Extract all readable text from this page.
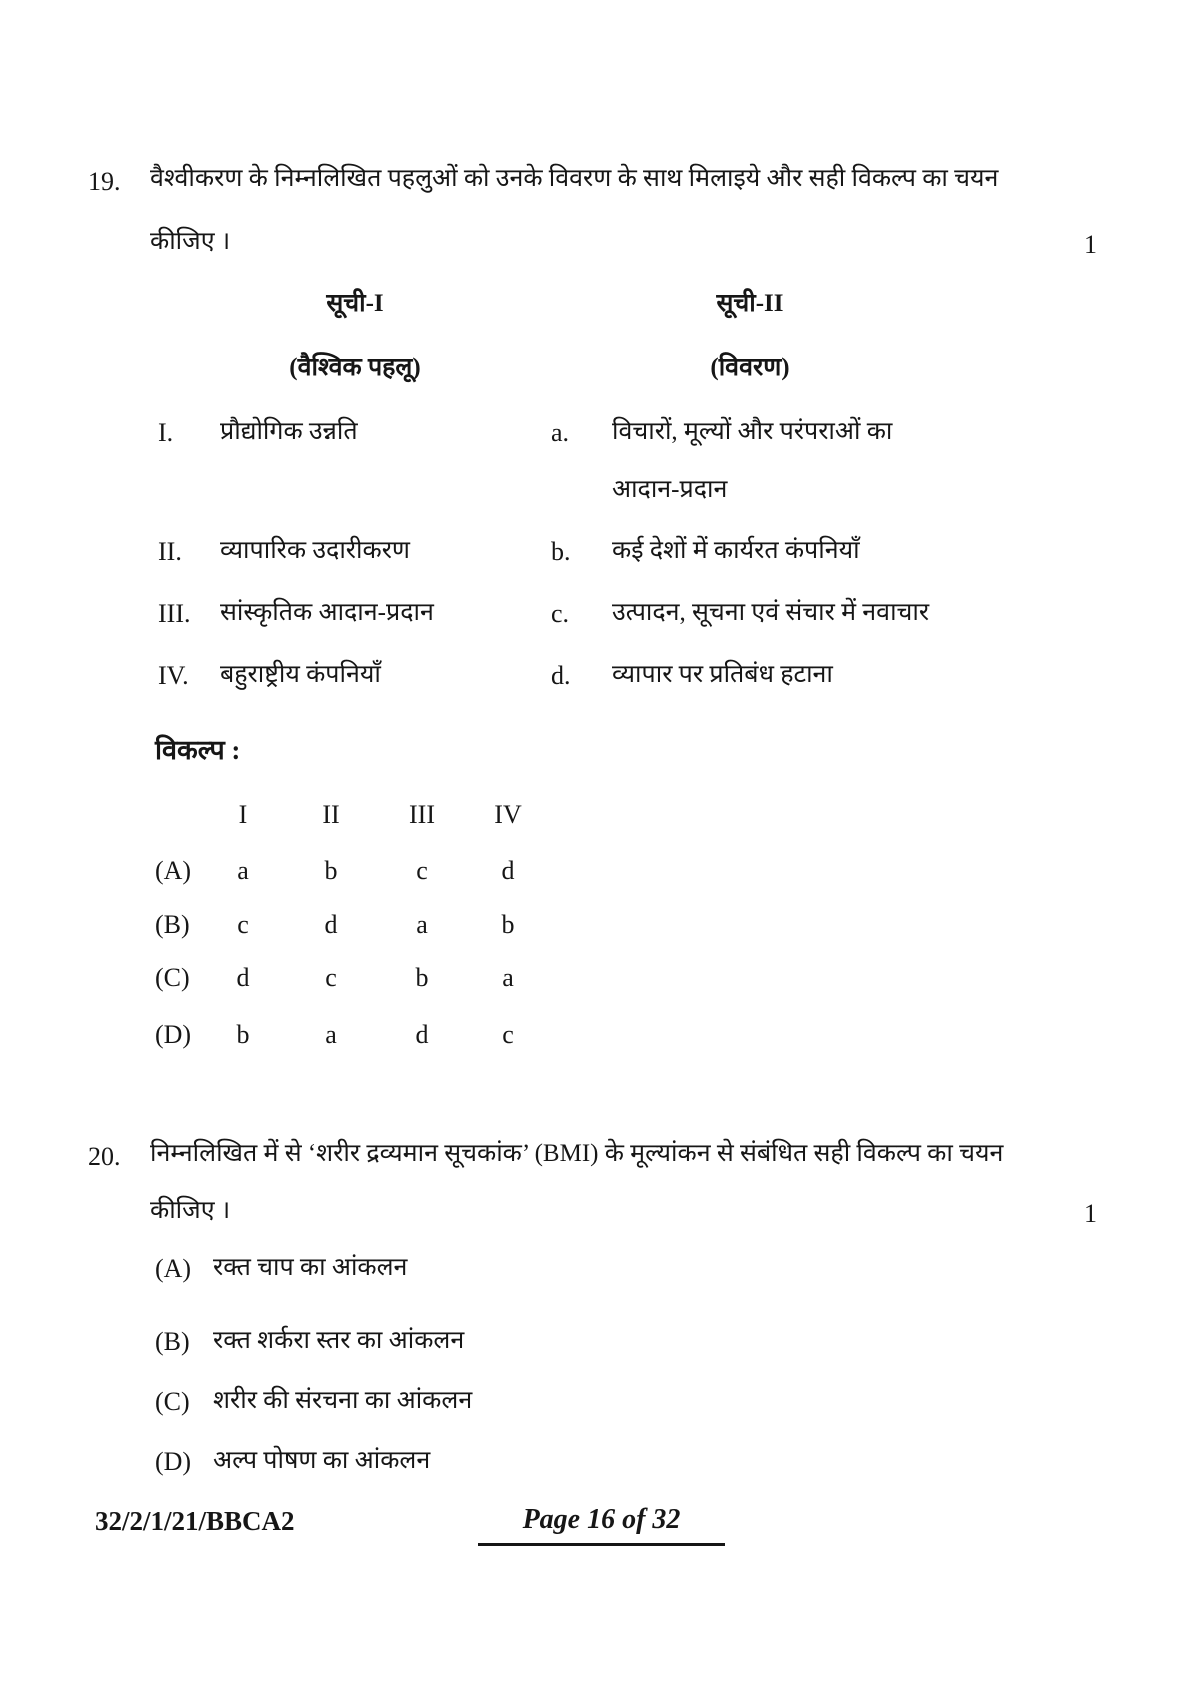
19. वैश्वीकरण के निम्नलिखित पहलुओं को उनके विवरण के साथ मिलाइये और सही विकल्प का चयन
कीजिए ।	1
सूची-I	सूची-II
(वैश्विक पहलू)	(विवरण)
I. प्रौद्योगिक उन्नति	a. विचारों, मूल्यों और परंपराओं का
आदान-प्रदान
II. व्यापारिक उदारीकरण	b. कई देशों में कार्यरत कंपनियाँ
III. सांस्कृतिक आदान-प्रदान	c. उत्पादन, सूचना एवं संचार में नवाचार
IV. बहुराष्ट्रीय कंपनियाँ	d. व्यापार पर प्रतिबंध हटाना
विकल्प :
I	II	III	IV
(A)	a	b	c	d
(B)	c	d	a	b
(C)	d	c	b	a
(D)	b	a	d	c
20. निम्नलिखित में से ‘शरीर द्रव्यमान सूचकांक’ (BMI) के मूल्यांकन से संबंधित सही विकल्प का चयन
कीजिए ।	1
(A) रक्त चाप का आंकलन
(B) रक्त शर्करा स्तर का आंकलन
(C) शरीर की संरचना का आंकलन
(D) अल्प पोषण का आंकलन
32/2/1/21/BBCA2	Page 16 of 32
